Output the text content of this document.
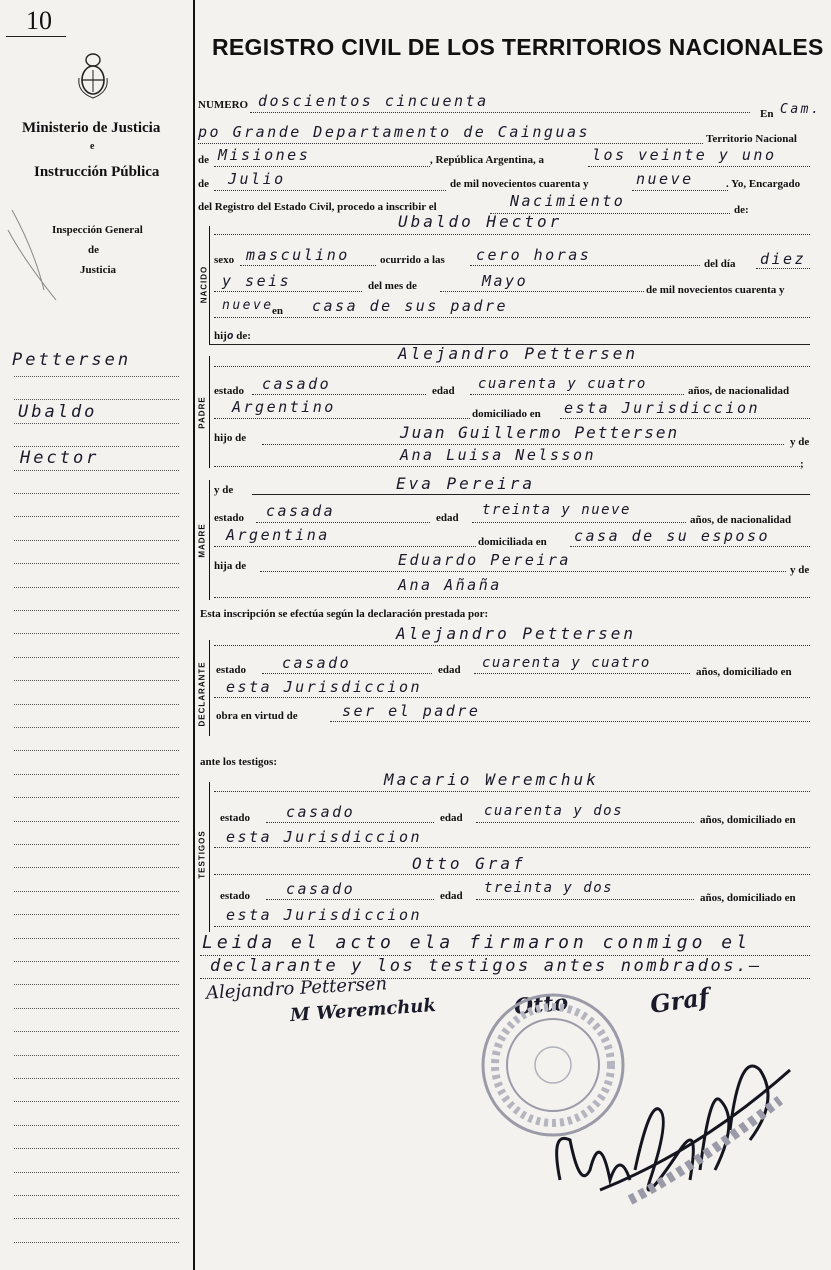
10
Ministerio de Justicia
e
Instrucción Pública
Inspección General
de
Justicia
Pettersen
Ubaldo
Hector
REGISTRO CIVIL DE LOS TERRITORIOS NACIONALES
NUMERO doscientos cincuenta
En Cam.
po Grande Departamento de Cainguas	Territorio Nacional
de Misiones	, República Argentina, a	los veinte y uno
de Julio	de mil novecientos cuarenta y	nueve	. Yo, Encargado
del Registro del Estado Civil, procedo a inscribir el	Nacimiento	de:
NACIDO
Ubaldo Hector
sexo masculino	ocurrido a las cero horas	del día diez
y seis	del mes de	Mayo	de mil novecientos cuarenta y
nueve
en casa de sus padre
hijo de:
PADRE
Alejandro Pettersen
estado casado	edad cuarenta y cuatro	años, de nacionalidad
Argentino	domiciliado en esta Jurisdiccion
hijo de	Juan Guillermo Pettersen	y de
Ana Luisa Nelsson	;
MADRE
y de	Eva Pereira
estado casada	edad treinta y nueve
años, de nacionalidad
Argentina	domiciliada en casa de su esposo
hija de	Eduardo Pereira
y de
Ana Añaña
Esta inscripción se efectúa según la declaración prestada por:
DECLARANTE
Alejandro Pettersen
estado casado	edad cuarenta y cuatro
años, domiciliado en
esta Jurisdiccion
obra en virtud de	ser el padre
ante los testigos:
TESTIGOS
Macario Weremchuk
estado casado	edad cuarenta y dos
años, domiciliado en
esta Jurisdiccion
Otto Graf
estado casado	edad treinta y dos
años, domiciliado en
esta Jurisdiccion
Leida el acto ela firmaron conmigo el
declarante y los testigos antes nombrados.—
Alejandro Pettersen
M Weremchuk	Otto	Graf
